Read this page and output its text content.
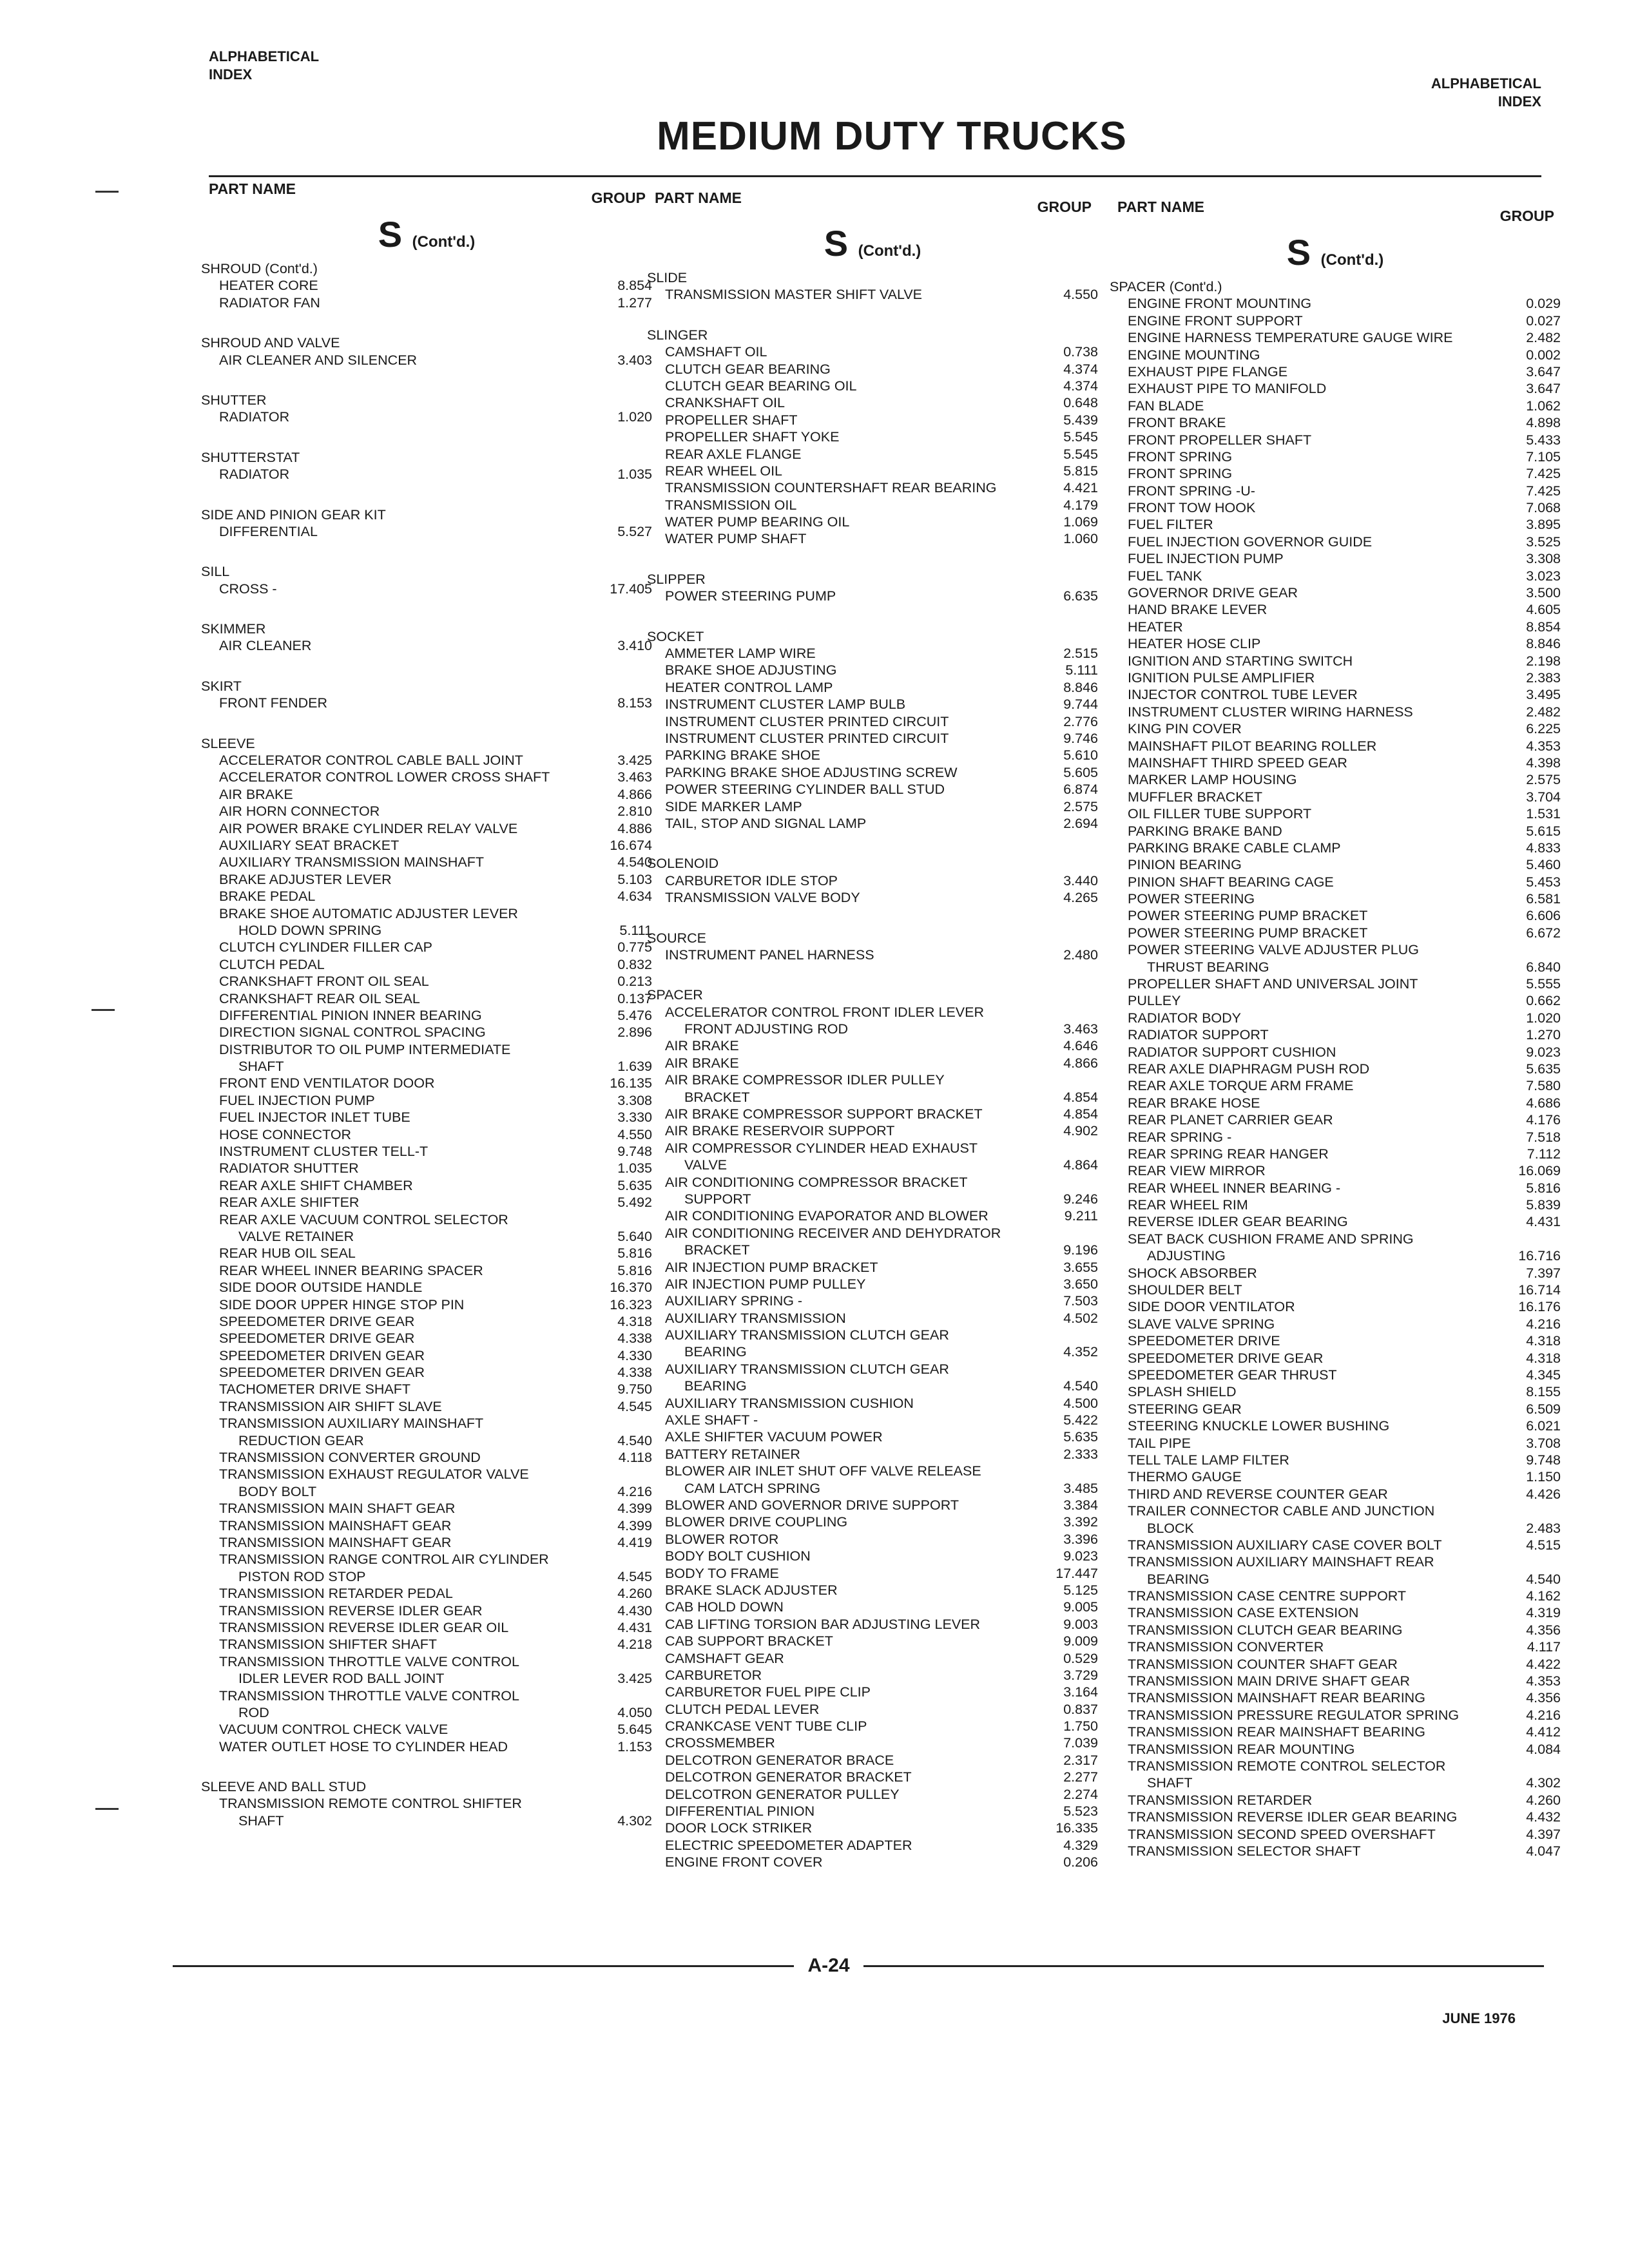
ALPHABETICAL
INDEX
ALPHABETICAL
INDEX
MEDIUM DUTY TRUCKS
PART NAME
GROUP
S (Cont'd.)
SHROUD (Cont'd.)
HEATER CORE	8.854
RADIATOR FAN	1.277
SHROUD AND VALVE
AIR CLEANER AND SILENCER	3.403
SHUTTER
RADIATOR	1.020
SHUTTERSTAT
RADIATOR	1.035
SIDE AND PINION GEAR KIT
DIFFERENTIAL	5.527
SILL
CROSS -	17.405
SKIMMER
AIR CLEANER	3.410
SKIRT
FRONT FENDER	8.153
SLEEVE
ACCELERATOR CONTROL CABLE BALL JOINT	3.425
ACCELERATOR CONTROL LOWER CROSS SHAFT	3.463
AIR BRAKE	4.866
AIR HORN CONNECTOR	2.810
AIR POWER BRAKE CYLINDER RELAY VALVE	4.886
AUXILIARY SEAT BRACKET	16.674
AUXILIARY TRANSMISSION MAINSHAFT	4.540
BRAKE ADJUSTER LEVER	5.103
BRAKE PEDAL	4.634
BRAKE SHOE AUTOMATIC ADJUSTER LEVER
HOLD DOWN SPRING	5.111
CLUTCH CYLINDER FILLER CAP	0.775
CLUTCH PEDAL	0.832
CRANKSHAFT FRONT OIL SEAL	0.213
CRANKSHAFT REAR OIL SEAL	0.137
DIFFERENTIAL PINION INNER BEARING	5.476
DIRECTION SIGNAL CONTROL SPACING	2.896
DISTRIBUTOR TO OIL PUMP INTERMEDIATE
SHAFT	1.639
FRONT END VENTILATOR DOOR	16.135
FUEL INJECTION PUMP	3.308
FUEL INJECTOR INLET TUBE	3.330
HOSE CONNECTOR	4.550
INSTRUMENT CLUSTER TELL-T	9.748
RADIATOR SHUTTER	1.035
REAR AXLE SHIFT CHAMBER	5.635
REAR AXLE SHIFTER	5.492
REAR AXLE VACUUM CONTROL SELECTOR
VALVE RETAINER	5.640
REAR HUB OIL SEAL	5.816
REAR WHEEL INNER BEARING SPACER	5.816
SIDE DOOR OUTSIDE HANDLE	16.370
SIDE DOOR UPPER HINGE STOP PIN	16.323
SPEEDOMETER DRIVE GEAR	4.318
SPEEDOMETER DRIVE GEAR	4.338
SPEEDOMETER DRIVEN GEAR	4.330
SPEEDOMETER DRIVEN GEAR	4.338
TACHOMETER DRIVE SHAFT	9.750
TRANSMISSION AIR SHIFT SLAVE	4.545
TRANSMISSION AUXILIARY MAINSHAFT
REDUCTION GEAR	4.540
TRANSMISSION CONVERTER GROUND	4.118
TRANSMISSION EXHAUST REGULATOR VALVE
BODY BOLT	4.216
TRANSMISSION MAIN SHAFT GEAR	4.399
TRANSMISSION MAINSHAFT GEAR	4.399
TRANSMISSION MAINSHAFT GEAR	4.419
TRANSMISSION RANGE CONTROL AIR CYLINDER
PISTON ROD STOP	4.545
TRANSMISSION RETARDER PEDAL	4.260
TRANSMISSION REVERSE IDLER GEAR	4.430
TRANSMISSION REVERSE IDLER GEAR OIL	4.431
TRANSMISSION SHIFTER SHAFT	4.218
TRANSMISSION THROTTLE VALVE CONTROL
IDLER LEVER ROD BALL JOINT	3.425
TRANSMISSION THROTTLE VALVE CONTROL
ROD	4.050
VACUUM CONTROL CHECK VALVE	5.645
WATER OUTLET HOSE TO CYLINDER HEAD	1.153
SLEEVE AND BALL STUD
TRANSMISSION REMOTE CONTROL SHIFTER
SHAFT	4.302
PART NAME
GROUP
S (Cont'd.)
SLIDE
TRANSMISSION MASTER SHIFT VALVE	4.550
SLINGER
CAMSHAFT OIL	0.738
CLUTCH GEAR BEARING	4.374
CLUTCH GEAR BEARING OIL	4.374
CRANKSHAFT OIL	0.648
PROPELLER SHAFT	5.439
PROPELLER SHAFT YOKE	5.545
REAR AXLE FLANGE	5.545
REAR WHEEL OIL	5.815
TRANSMISSION COUNTERSHAFT REAR BEARING	4.421
TRANSMISSION OIL	4.179
WATER PUMP BEARING OIL	1.069
WATER PUMP SHAFT	1.060
SLIPPER
POWER STEERING PUMP	6.635
SOCKET
AMMETER LAMP WIRE	2.515
BRAKE SHOE ADJUSTING	5.111
HEATER CONTROL LAMP	8.846
INSTRUMENT CLUSTER LAMP BULB	9.744
INSTRUMENT CLUSTER PRINTED CIRCUIT	2.776
INSTRUMENT CLUSTER PRINTED CIRCUIT	9.746
PARKING BRAKE SHOE	5.610
PARKING BRAKE SHOE ADJUSTING SCREW	5.605
POWER STEERING CYLINDER BALL STUD	6.874
SIDE MARKER LAMP	2.575
TAIL, STOP AND SIGNAL LAMP	2.694
SOLENOID
CARBURETOR IDLE STOP	3.440
TRANSMISSION VALVE BODY	4.265
SOURCE
INSTRUMENT PANEL HARNESS	2.480
SPACER
ACCELERATOR CONTROL FRONT IDLER LEVER
FRONT ADJUSTING ROD	3.463
AIR BRAKE	4.646
AIR BRAKE	4.866
AIR BRAKE COMPRESSOR IDLER PULLEY
BRACKET	4.854
AIR BRAKE COMPRESSOR SUPPORT BRACKET	4.854
AIR BRAKE RESERVOIR SUPPORT	4.902
AIR COMPRESSOR CYLINDER HEAD EXHAUST
VALVE	4.864
AIR CONDITIONING COMPRESSOR BRACKET
SUPPORT	9.246
AIR CONDITIONING EVAPORATOR AND BLOWER	9.211
AIR CONDITIONING RECEIVER AND DEHYDRATOR
BRACKET	9.196
AIR INJECTION PUMP BRACKET	3.655
AIR INJECTION PUMP PULLEY	3.650
AUXILIARY SPRING -	7.503
AUXILIARY TRANSMISSION	4.502
AUXILIARY TRANSMISSION CLUTCH GEAR
BEARING	4.352
AUXILIARY TRANSMISSION CLUTCH GEAR
BEARING	4.540
AUXILIARY TRANSMISSION CUSHION	4.500
AXLE SHAFT -	5.422
AXLE SHIFTER VACUUM POWER	5.635
BATTERY RETAINER	2.333
BLOWER AIR INLET SHUT OFF VALVE RELEASE
CAM LATCH SPRING	3.485
BLOWER AND GOVERNOR DRIVE SUPPORT	3.384
BLOWER DRIVE COUPLING	3.392
BLOWER ROTOR	3.396
BODY BOLT CUSHION	9.023
BODY TO FRAME	17.447
BRAKE SLACK ADJUSTER	5.125
CAB HOLD DOWN	9.005
CAB LIFTING TORSION BAR ADJUSTING LEVER	9.003
CAB SUPPORT BRACKET	9.009
CAMSHAFT GEAR	0.529
CARBURETOR	3.729
CARBURETOR FUEL PIPE CLIP	3.164
CLUTCH PEDAL LEVER	0.837
CRANKCASE VENT TUBE CLIP	1.750
CROSSMEMBER	7.039
DELCOTRON GENERATOR BRACE	2.317
DELCOTRON GENERATOR BRACKET	2.277
DELCOTRON GENERATOR PULLEY	2.274
DIFFERENTIAL PINION	5.523
DOOR LOCK STRIKER	16.335
ELECTRIC SPEEDOMETER ADAPTER	4.329
ENGINE FRONT COVER	0.206
PART NAME
GROUP
S (Cont'd.)
SPACER (Cont'd.)
ENGINE FRONT MOUNTING	0.029
ENGINE FRONT SUPPORT	0.027
ENGINE HARNESS TEMPERATURE GAUGE WIRE	2.482
ENGINE MOUNTING	0.002
EXHAUST PIPE FLANGE	3.647
EXHAUST PIPE TO MANIFOLD	3.647
FAN BLADE	1.062
FRONT BRAKE	4.898
FRONT PROPELLER SHAFT	5.433
FRONT SPRING	7.105
FRONT SPRING	7.425
FRONT SPRING -U-	7.425
FRONT TOW HOOK	7.068
FUEL FILTER	3.895
FUEL INJECTION GOVERNOR GUIDE	3.525
FUEL INJECTION PUMP	3.308
FUEL TANK	3.023
GOVERNOR DRIVE GEAR	3.500
HAND BRAKE LEVER	4.605
HEATER	8.854
HEATER HOSE CLIP	8.846
IGNITION AND STARTING SWITCH	2.198
IGNITION PULSE AMPLIFIER	2.383
INJECTOR CONTROL TUBE LEVER	3.495
INSTRUMENT CLUSTER WIRING HARNESS	2.482
KING PIN COVER	6.225
MAINSHAFT PILOT BEARING ROLLER	4.353
MAINSHAFT THIRD SPEED GEAR	4.398
MARKER LAMP HOUSING	2.575
MUFFLER BRACKET	3.704
OIL FILLER TUBE SUPPORT	1.531
PARKING BRAKE BAND	5.615
PARKING BRAKE CABLE CLAMP	4.833
PINION BEARING	5.460
PINION SHAFT BEARING CAGE	5.453
POWER STEERING	6.581
POWER STEERING PUMP BRACKET	6.606
POWER STEERING PUMP BRACKET	6.672
POWER STEERING VALVE ADJUSTER PLUG
THRUST BEARING	6.840
PROPELLER SHAFT AND UNIVERSAL JOINT	5.555
PULLEY	0.662
RADIATOR BODY	1.020
RADIATOR SUPPORT	1.270
RADIATOR SUPPORT CUSHION	9.023
REAR AXLE DIAPHRAGM PUSH ROD	5.635
REAR AXLE TORQUE ARM FRAME	7.580
REAR BRAKE HOSE	4.686
REAR PLANET CARRIER GEAR	4.176
REAR SPRING -	7.518
REAR SPRING REAR HANGER	7.112
REAR VIEW MIRROR	16.069
REAR WHEEL INNER BEARING -	5.816
REAR WHEEL RIM	5.839
REVERSE IDLER GEAR BEARING	4.431
SEAT BACK CUSHION FRAME AND SPRING
ADJUSTING	16.716
SHOCK ABSORBER	7.397
SHOULDER BELT	16.714
SIDE DOOR VENTILATOR	16.176
SLAVE VALVE SPRING	4.216
SPEEDOMETER DRIVE	4.318
SPEEDOMETER DRIVE GEAR	4.318
SPEEDOMETER GEAR THRUST	4.345
SPLASH SHIELD	8.155
STEERING GEAR	6.509
STEERING KNUCKLE LOWER BUSHING	6.021
TAIL PIPE	3.708
TELL TALE LAMP FILTER	9.748
THERMO GAUGE	1.150
THIRD AND REVERSE COUNTER GEAR	4.426
TRAILER CONNECTOR CABLE AND JUNCTION
BLOCK	2.483
TRANSMISSION AUXILIARY CASE COVER BOLT	4.515
TRANSMISSION AUXILIARY MAINSHAFT REAR
BEARING	4.540
TRANSMISSION CASE CENTRE SUPPORT	4.162
TRANSMISSION CASE EXTENSION	4.319
TRANSMISSION CLUTCH GEAR BEARING	4.356
TRANSMISSION CONVERTER	4.117
TRANSMISSION COUNTER SHAFT GEAR	4.422
TRANSMISSION MAIN DRIVE SHAFT GEAR	4.353
TRANSMISSION MAINSHAFT REAR BEARING	4.356
TRANSMISSION PRESSURE REGULATOR SPRING	4.216
TRANSMISSION REAR MAINSHAFT BEARING	4.412
TRANSMISSION REAR MOUNTING	4.084
TRANSMISSION REMOTE CONTROL SELECTOR
SHAFT	4.302
TRANSMISSION RETARDER	4.260
TRANSMISSION REVERSE IDLER GEAR BEARING	4.432
TRANSMISSION SECOND SPEED OVERSHAFT	4.397
TRANSMISSION SELECTOR SHAFT	4.047
A-24
JUNE 1976
